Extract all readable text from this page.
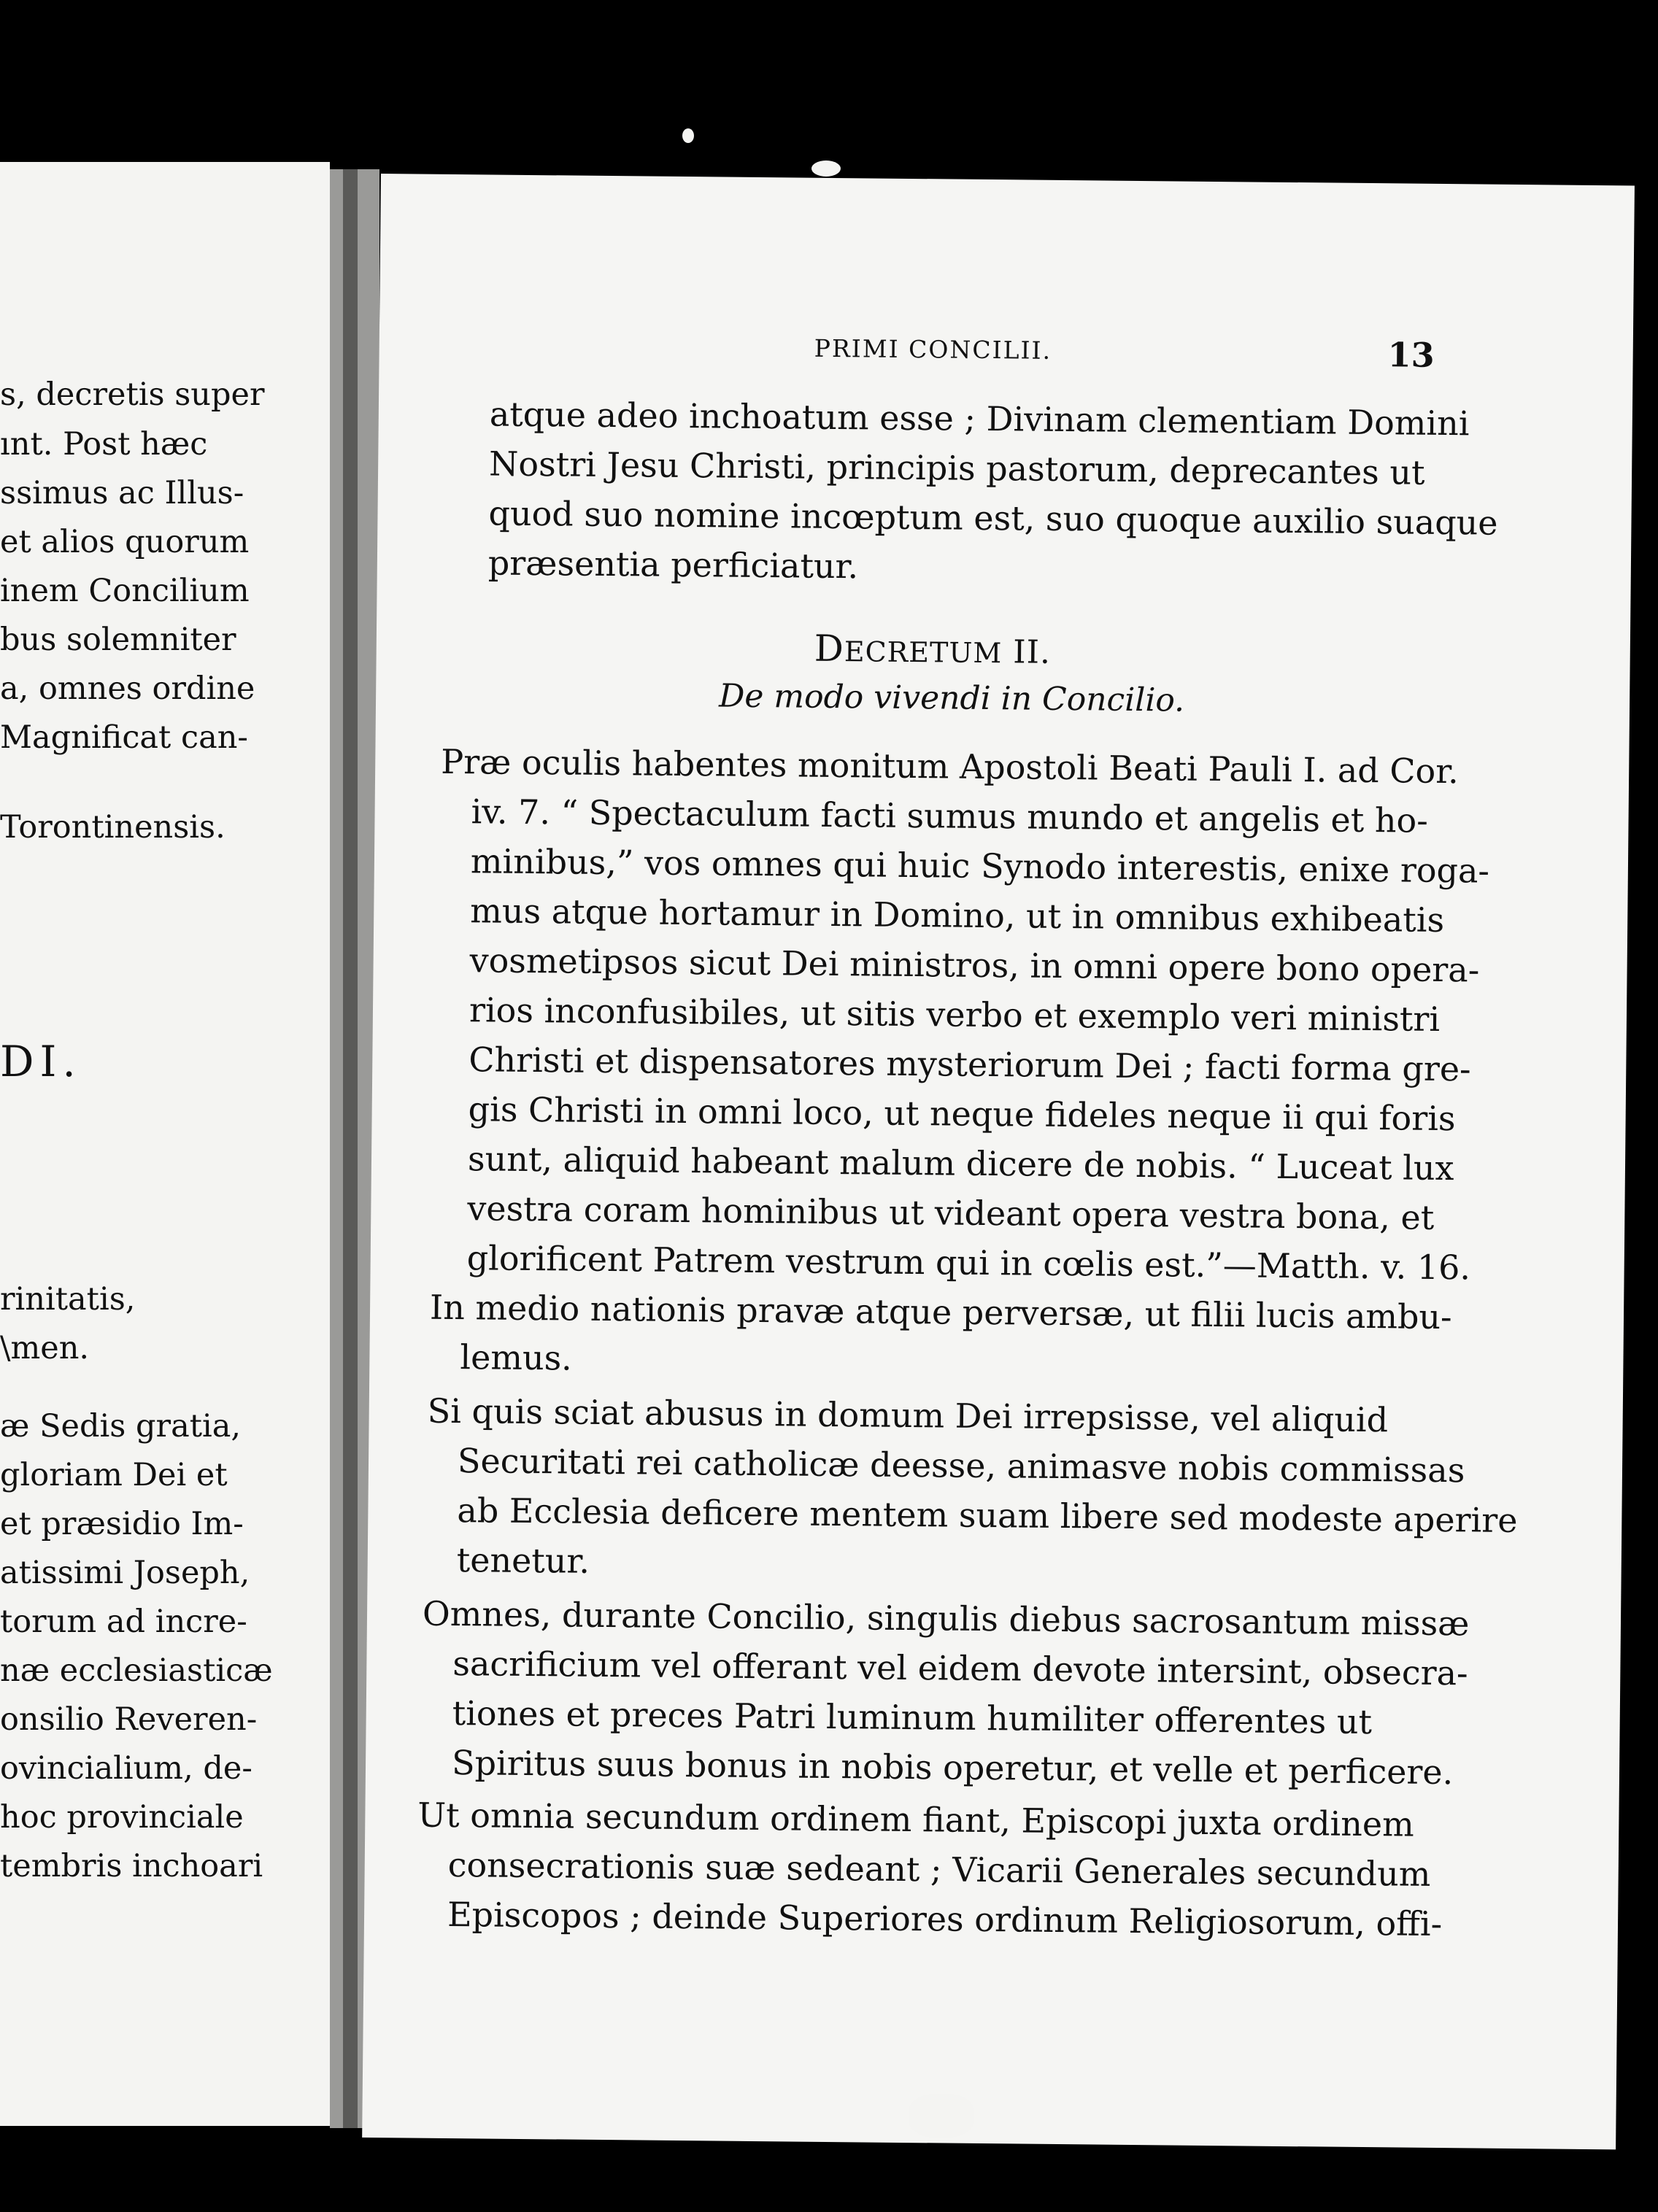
s, decretis super
ınt. Post hæc
ssimus ac Illus-
et alios quorum
inem Concilium
bus solemniter
a, omnes ordine
Magnificat can-
Torontinensis.
DI.
rinitatis,
\men.
æ Sedis gratia,
gloriam Dei et
et præsidio Im-
atissimi Joseph,
torum ad incre-
næ ecclesiasticæ
onsilio Reveren-
ovincialium, de-
hoc provinciale
tembris inchoari
PRIMI CONCILII.	13
atque adeo inchoatum esse ; Divinam clementiam Domini
Nostri Jesu Christi, principis pastorum, deprecantes ut
quod suo nomine incœptum est, suo quoque auxilio suaque
præsentia perficiatur.
DECRETUM II.
De modo vivendi in Concilio.
Præ oculis habentes monitum Apostoli Beati Pauli I. ad Cor.
iv. 7. “ Spectaculum facti sumus mundo et angelis et ho-
minibus,” vos omnes qui huic Synodo interestis, enixe roga-
mus atque hortamur in Domino, ut in omnibus exhibeatis
vosmetipsos sicut Dei ministros, in omni opere bono opera-
rios inconfusibiles, ut sitis verbo et exemplo veri ministri
Christi et dispensatores mysteriorum Dei ; facti forma gre-
gis Christi in omni loco, ut neque fideles neque ii qui foris
sunt, aliquid habeant malum dicere de nobis. “ Luceat lux
vestra coram hominibus ut videant opera vestra bona, et
glorificent Patrem vestrum qui in cœlis est.”—Matth. v. 16.
In medio nationis pravæ atque perversæ, ut filii lucis ambu-
lemus.
Si quis sciat abusus in domum Dei irrepsisse, vel aliquid
Securitati rei catholicæ deesse, animasve nobis commissas
ab Ecclesia deficere mentem suam libere sed modeste aperire
tenetur.
Omnes, durante Concilio, singulis diebus sacrosantum missæ
sacrificium vel offerant vel eidem devote intersint, obsecra-
tiones et preces Patri luminum humiliter offerentes ut
Spiritus suus bonus in nobis operetur, et velle et perficere.
Ut omnia secundum ordinem fiant, Episcopi juxta ordinem
consecrationis suæ sedeant ; Vicarii Generales secundum
Episcopos ; deinde Superiores ordinum Religiosorum, offi-
